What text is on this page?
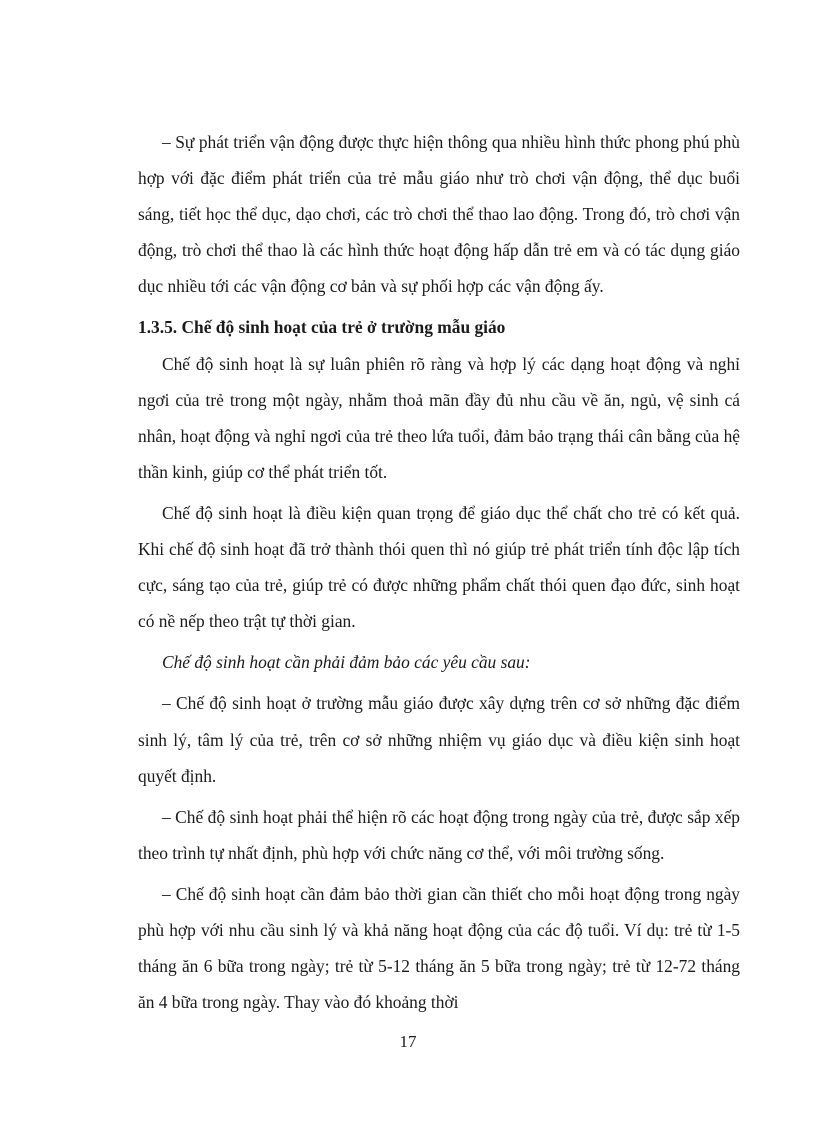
– Sự phát triển vận động được thực hiện thông qua nhiều hình thức phong phú phù hợp với đặc điểm phát triển của trẻ mẫu giáo như trò chơi vận động, thể dục buổi sáng, tiết học thể dục, dạo chơi, các trò chơi thể thao lao động. Trong đó, trò chơi vận động, trò chơi thể thao là các hình thức hoạt động hấp dẫn trẻ em và có tác dụng giáo dục nhiều tới các vận động cơ bản và sự phối hợp các vận động ấy.

1.3.5. Chế độ sinh hoạt của trẻ ở trường mẫu giáo

Chế độ sinh hoạt là sự luân phiên rõ ràng và hợp lý các dạng hoạt động và nghỉ ngơi của trẻ trong một ngày, nhằm thoả mãn đầy đủ nhu cầu về ăn, ngủ, vệ sinh cá nhân, hoạt động và nghỉ ngơi của trẻ theo lứa tuổi, đảm bảo trạng thái cân bằng của hệ thần kinh, giúp cơ thể phát triển tốt.

Chế độ sinh hoạt là điều kiện quan trọng để giáo dục thể chất cho trẻ có kết quả. Khi chế độ sinh hoạt đã trở thành thói quen thì nó giúp trẻ phát triển tính độc lập tích cực, sáng tạo của trẻ, giúp trẻ có được những phẩm chất thói quen đạo đức, sinh hoạt có nề nếp theo trật tự thời gian.

Chế độ sinh hoạt cần phải đảm bảo các yêu cầu sau:

– Chế độ sinh hoạt ở trường mẫu giáo được xây dựng trên cơ sở những đặc điểm sinh lý, tâm lý của trẻ, trên cơ sở những nhiệm vụ giáo dục và điều kiện sinh hoạt quyết định.

– Chế độ sinh hoạt phải thể hiện rõ các hoạt động trong ngày của trẻ, được sắp xếp theo trình tự nhất định, phù hợp với chức năng cơ thể, với môi trường sống.

– Chế độ sinh hoạt cần đảm bảo thời gian cần thiết cho mỗi hoạt động trong ngày phù hợp với nhu cầu sinh lý và khả năng hoạt động của các độ tuổi. Ví dụ: trẻ từ 1-5 tháng ăn 6 bữa trong ngày; trẻ từ 5-12 tháng ăn 5 bữa trong ngày; trẻ từ 12-72 tháng ăn 4 bữa trong ngày. Thay vào đó khoảng thời

17
